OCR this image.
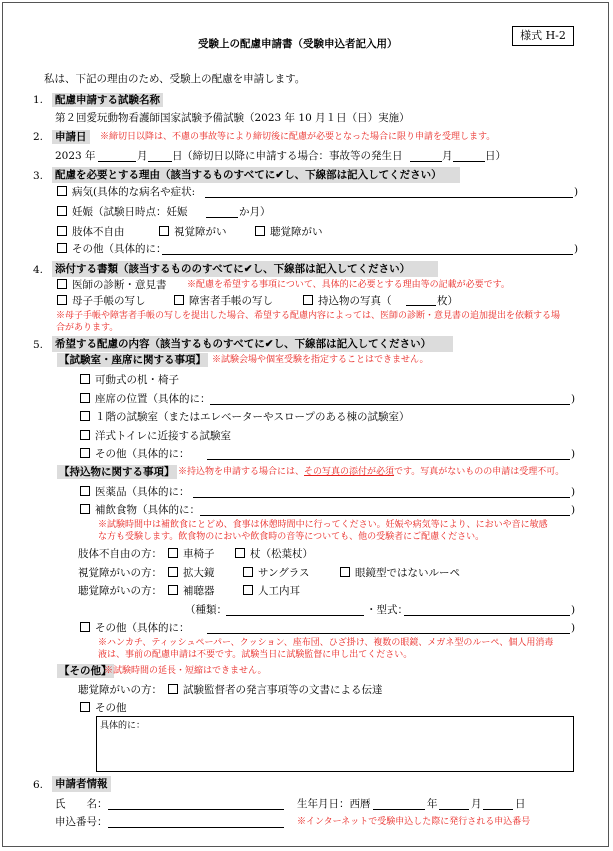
様式 H-2
受験上の配慮申請書（受験申込者記入用）
私は、下記の理由のため、受験上の配慮を申請します。
1. 配慮申請する試験名称
第２回愛玩動物看護師国家試験予備試験（2023 年 10 月１日（日）実施）
2. 申請日	※締切日以降は、不慮の事故等により締切後に配慮が必要となった場合に限り申請を受理します。
2023 年	月 日 （締切日以降に申請する場合：事故等の発生日	月	日）
3. 配慮を必要とする理由（該当するものすべてに✔し、下線部は記入してください）
病気(具体的な病名や症状:	)
妊娠（試験日時点：妊娠	か月）
肢体不自由	視覚障がい	聴覚障がい
その他（具体的に：	)
4. 添付する書類（該当するもののすべてに✔し、下線部は記入してください）
医師の診断・意見書 ※配慮を希望する事項について、具体的に必要とする理由等の記載が必要です。
母子手帳の写し	障害者手帳の写し	持込物の写真（	枚）
※母子手帳や障害者手帳の写しを提出した場合、希望する配慮内容によっては、医師の診断・意見書の追加提出を依頼する場
合があります。
5. 希望する配慮の内容（該当するものすべてに✔し、下線部は記入してください）
【試験室・座席に関する事項】 ※試験会場や個室受験を指定することはできません。
可動式の机・椅子
座席の位置（具体的に：	)
１階の試験室（またはエレベーターやスロープのある棟の試験室）
洋式トイレに近接する試験室
その他（具体的に：	)
【持込物に関する事項】 ※持込物を申請する場合には、その写真の添付が必須です。写真がないものの申請は受理不可。
医薬品（具体的に：	)
補飲食物（具体的に：	)
※試験時間中は補飲食にとどめ、食事は休憩時間中に行ってください。妊娠や病気等により、においや音に敏感
な方も受験します。飲食物のにおいや飲食時の音等についても、他の受験者にご配慮ください。
肢体不自由の方：	車椅子	杖（松葉杖）
視覚障がいの方：	拡大鏡	サングラス	眼鏡型ではないルーペ
聴覚障がいの方：	補聴器	人工内耳
（種類：	・型式：	)
その他（具体的に：	)
※ハンカチ、ティッシュペーパー、クッション、座布団、ひざ掛け、複数の眼鏡、メガネ型のルーペ、個人用消毒
液は、事前の配慮申請は不要です。試験当日に試験監督に申し出てください。
【その他】
※試験時間の延長・短縮はできません。
聴覚障がいの方：	試験監督者の発言事項等の文書による伝達
その他
具体的に：
6. 申請者情報
氏　　名：	生年月日：西暦	年	月	日
申込番号：	※インターネットで受験申込した際に発行される申込番号
